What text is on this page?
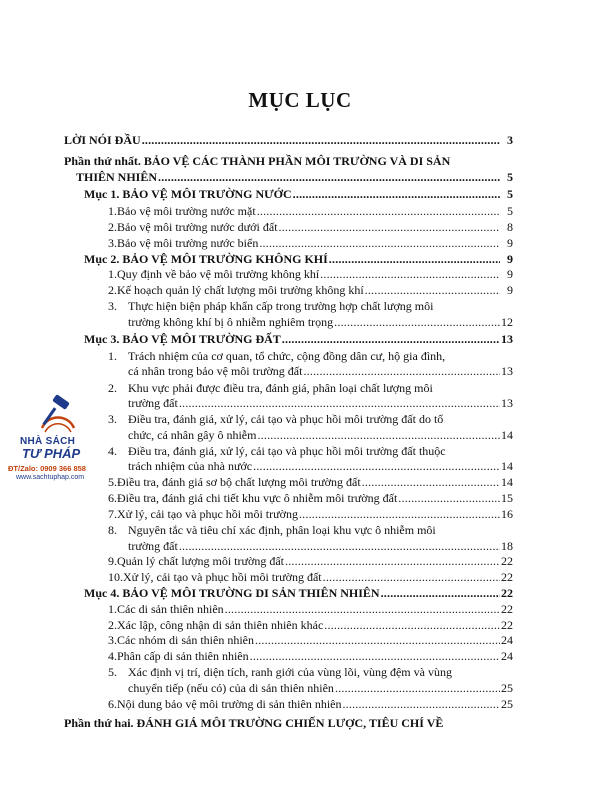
MỤC LỤC
LỜI NÓI ĐẦU .....	3
Phần thứ nhất. BẢO VỆ CÁC THÀNH PHẦN MÔI TRƯỜNG VÀ DI SẢN
THIÊN NHIÊN .....	5
Mục 1. BẢO VỆ MÔI TRƯỜNG NƯỚC .....	5
1. Bảo vệ môi trường nước mặt .....	5
2. Bảo vệ môi trường nước dưới đất .....	8
3. Bảo vệ môi trường nước biển .....	9
Mục 2. BẢO VỆ MÔI TRƯỜNG KHÔNG KHÍ .....	9
1. Quy định về bảo vệ môi trường không khí .....	9
2. Kế hoạch quản lý chất lượng môi trường không khí .....	9
3. Thực hiện biện pháp khẩn cấp trong trường hợp chất lượng môi
trường không khí bị ô nhiễm nghiêm trọng .....	12
Mục 3. BẢO VỆ MÔI TRƯỜNG ĐẤT .....	13
1. Trách nhiệm của cơ quan, tổ chức, cộng đồng dân cư, hộ gia đình,
cá nhân trong bảo vệ môi trường đất .....	13
2. Khu vực phải được điều tra, đánh giá, phân loại chất lượng môi
trường đất .....	13
3. Điều tra, đánh giá, xử lý, cải tạo và phục hồi môi trường đất do tổ
chức, cá nhân gây ô nhiễm .....	14
4. Điều tra, đánh giá, xử lý, cải tạo và phục hồi môi trường đất thuộc
trách nhiệm của nhà nước .....	14
5. Điều tra, đánh giá sơ bộ chất lượng môi trường đất .....	14
6. Điều tra, đánh giá chi tiết khu vực ô nhiễm môi trường đất .....	15
7. Xử lý, cải tạo và phục hồi môi trường .....	16
8. Nguyên tắc và tiêu chí xác định, phân loại khu vực ô nhiễm môi
trường đất .....	18
9. Quản lý chất lượng môi trường đất .....	22
10. Xử lý, cải tạo và phục hồi môi trường đất .....	22
Mục 4. BẢO VỆ MÔI TRƯỜNG DI SẢN THIÊN NHIÊN .....	22
1. Các di sản thiên nhiên .....	22
2. Xác lập, công nhận di sản thiên nhiên khác .....	22
3. Các nhóm di sản thiên nhiên .....	24
4. Phân cấp di sản thiên nhiên .....	24
5. Xác định vị trí, diện tích, ranh giới của vùng lõi, vùng đệm và vùng
chuyển tiếp (nếu có) của di sản thiên nhiên .....	25
6. Nội dung bảo vệ môi trường di sản thiên nhiên .....	25
Phần thứ hai. ĐÁNH GIÁ MÔI TRƯỜNG CHIẾN LƯỢC, TIÊU CHÍ VỀ
NHÀ SÁCH
TƯ PHÁP
ĐT/Zalo: 0909 366 858
www.sachtuphap.com
